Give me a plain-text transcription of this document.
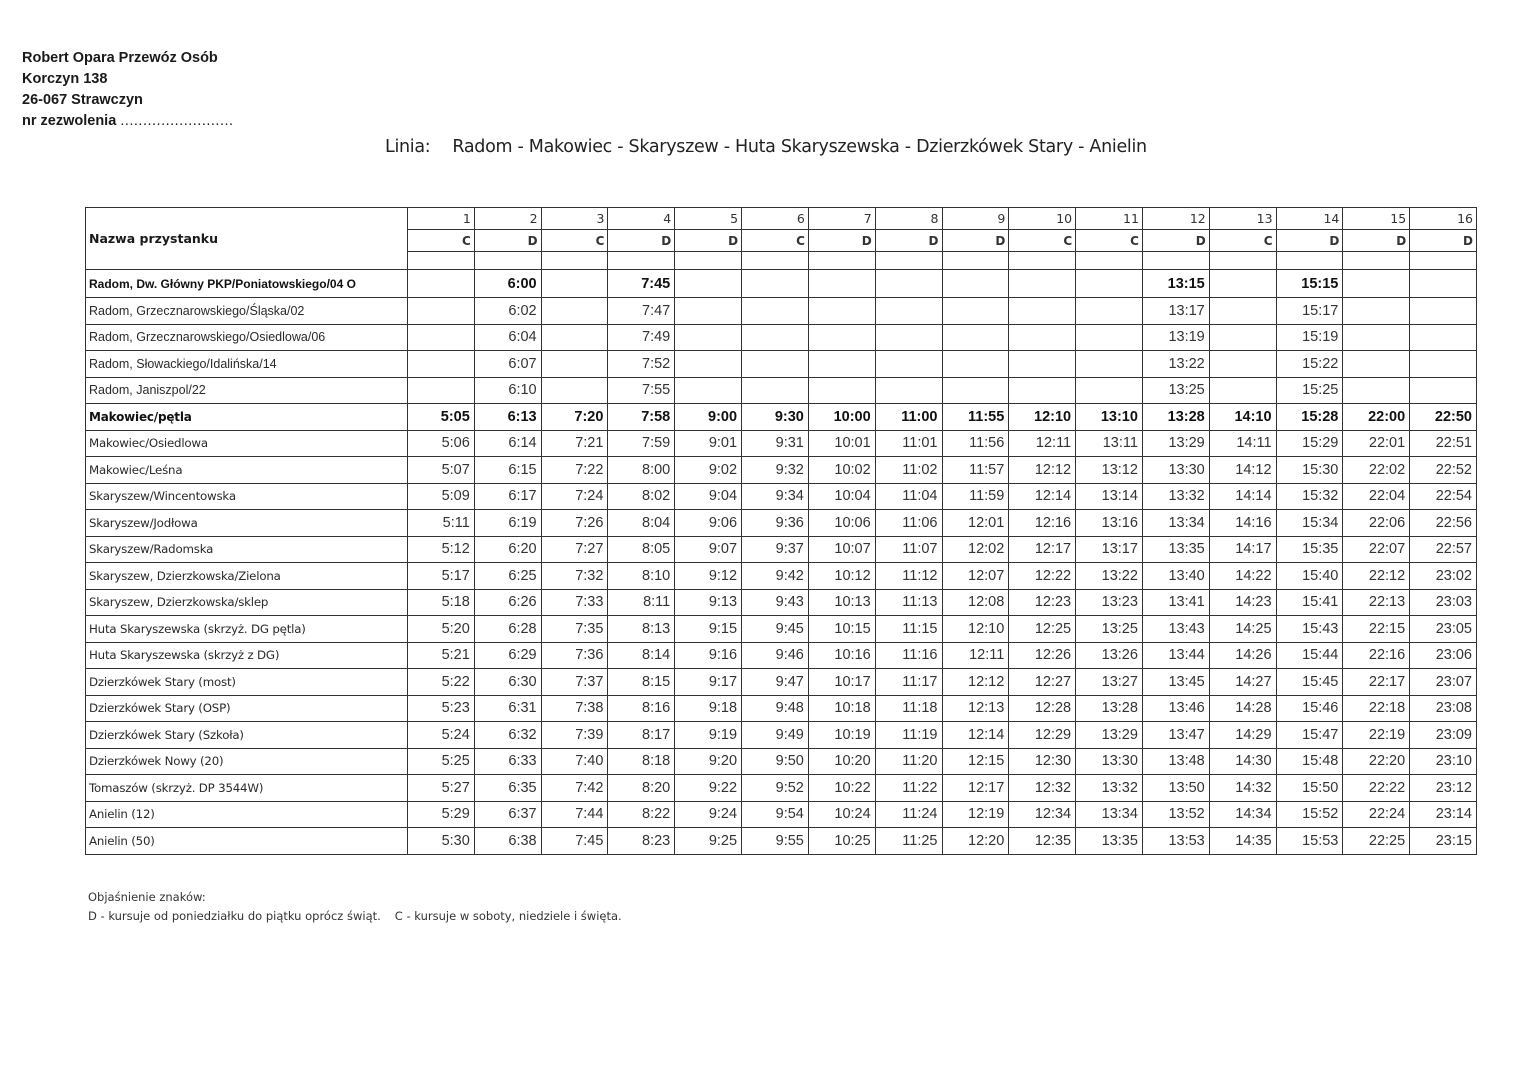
Robert Opara Przewóz Osób
Korczyn 138
26-067 Strawczyn
nr zezwolenia .........................
Linia: Radom - Makowiec - Skaryszew - Huta Skaryszewska - Dzierzkówek Stary - Anielin
Nazwa przystanku	1	2	3	4	5	6	7	8	9	10	11	12	13	14	15	16
	C	D	C	D	D	C	D	D	D	C	C	D	C	D	D	D

Radom, Dw. Główny PKP/Poniatowskiego/04 O		6:00		7:45								13:15		15:15		
Radom, Grzecznarowskiego/Śląska/02		6:02		7:47								13:17		15:17		
Radom, Grzecznarowskiego/Osiedlowa/06		6:04		7:49								13:19		15:19		
Radom, Słowackiego/Idalińska/14		6:07		7:52								13:22		15:22		
Radom, Janiszpol/22		6:10		7:55								13:25		15:25		
Makowiec/pętla	5:05	6:13	7:20	7:58	9:00	9:30	10:00	11:00	11:55	12:10	13:10	13:28	14:10	15:28	22:00	22:50
Makowiec/Osiedlowa	5:06	6:14	7:21	7:59	9:01	9:31	10:01	11:01	11:56	12:11	13:11	13:29	14:11	15:29	22:01	22:51
Makowiec/Leśna	5:07	6:15	7:22	8:00	9:02	9:32	10:02	11:02	11:57	12:12	13:12	13:30	14:12	15:30	22:02	22:52
Skaryszew/Wincentowska	5:09	6:17	7:24	8:02	9:04	9:34	10:04	11:04	11:59	12:14	13:14	13:32	14:14	15:32	22:04	22:54
Skaryszew/Jodłowa	5:11	6:19	7:26	8:04	9:06	9:36	10:06	11:06	12:01	12:16	13:16	13:34	14:16	15:34	22:06	22:56
Skaryszew/Radomska	5:12	6:20	7:27	8:05	9:07	9:37	10:07	11:07	12:02	12:17	13:17	13:35	14:17	15:35	22:07	22:57
Skaryszew, Dzierzkowska/Zielona	5:17	6:25	7:32	8:10	9:12	9:42	10:12	11:12	12:07	12:22	13:22	13:40	14:22	15:40	22:12	23:02
Skaryszew, Dzierzkowska/sklep	5:18	6:26	7:33	8:11	9:13	9:43	10:13	11:13	12:08	12:23	13:23	13:41	14:23	15:41	22:13	23:03
Huta Skaryszewska (skrzyż. DG pętla)	5:20	6:28	7:35	8:13	9:15	9:45	10:15	11:15	12:10	12:25	13:25	13:43	14:25	15:43	22:15	23:05
Huta Skaryszewska (skrzyż z DG)	5:21	6:29	7:36	8:14	9:16	9:46	10:16	11:16	12:11	12:26	13:26	13:44	14:26	15:44	22:16	23:06
Dzierzkówek Stary (most)	5:22	6:30	7:37	8:15	9:17	9:47	10:17	11:17	12:12	12:27	13:27	13:45	14:27	15:45	22:17	23:07
Dzierzkówek Stary (OSP)	5:23	6:31	7:38	8:16	9:18	9:48	10:18	11:18	12:13	12:28	13:28	13:46	14:28	15:46	22:18	23:08
Dzierzkówek Stary (Szkoła)	5:24	6:32	7:39	8:17	9:19	9:49	10:19	11:19	12:14	12:29	13:29	13:47	14:29	15:47	22:19	23:09
Dzierzkówek Nowy (20)	5:25	6:33	7:40	8:18	9:20	9:50	10:20	11:20	12:15	12:30	13:30	13:48	14:30	15:48	22:20	23:10
Tomaszów (skrzyż. DP 3544W)	5:27	6:35	7:42	8:20	9:22	9:52	10:22	11:22	12:17	12:32	13:32	13:50	14:32	15:50	22:22	23:12
Anielin (12)	5:29	6:37	7:44	8:22	9:24	9:54	10:24	11:24	12:19	12:34	13:34	13:52	14:34	15:52	22:24	23:14
Anielin (50)	5:30	6:38	7:45	8:23	9:25	9:55	10:25	11:25	12:20	12:35	13:35	13:53	14:35	15:53	22:25	23:15
Objaśnienie znaków:
D - kursuje od poniedziałku do piątku oprócz świąt. C - kursuje w soboty, niedziele i święta.
